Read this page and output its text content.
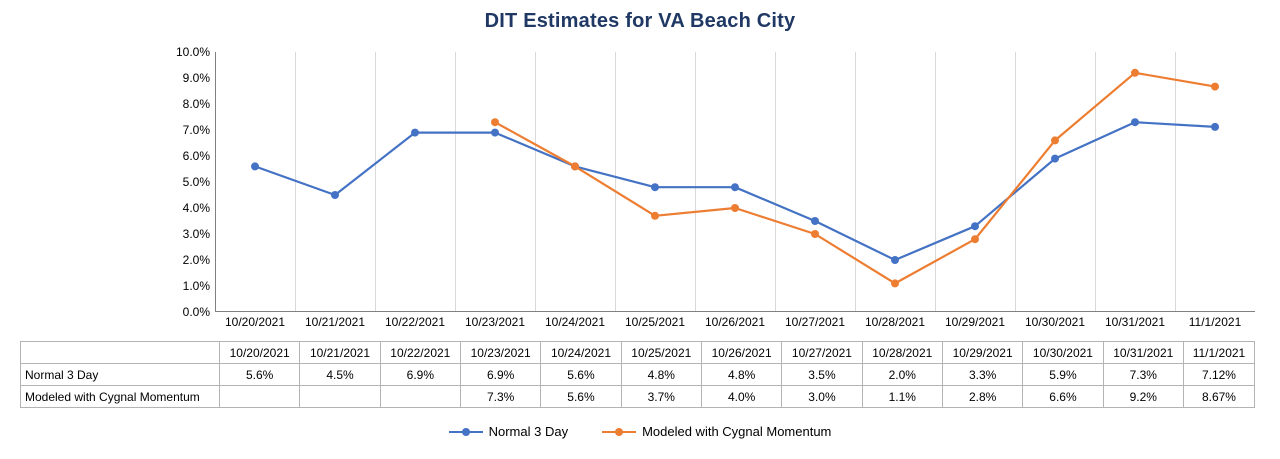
DIT Estimates for VA Beach City
0.0%
1.0%
2.0%
3.0%
4.0%
5.0%
6.0%
7.0%
8.0%
9.0%
10.0%
10/20/2021 10/21/2021 10/22/2021 10/23/2021 10/24/2021 10/25/2021 10/26/2021 10/27/2021 10/28/2021 10/29/2021 10/30/2021 10/31/2021 11/1/2021
	10/20/2021	10/21/2021	10/22/2021	10/23/2021	10/24/2021	10/25/2021	10/26/2021	10/27/2021	10/28/2021	10/29/2021	10/30/2021	10/31/2021	11/1/2021
Normal 3 Day	5.6%	4.5%	6.9%	6.9%	5.6%	4.8%	4.8%	3.5%	2.0%	3.3%	5.9%	7.3%	7.12%
Modeled with Cygnal Momentum				7.3%	5.6%	3.7%	4.0%	3.0%	1.1%	2.8%	6.6%	9.2%	8.67%
Normal 3 Day	Modeled with Cygnal Momentum
